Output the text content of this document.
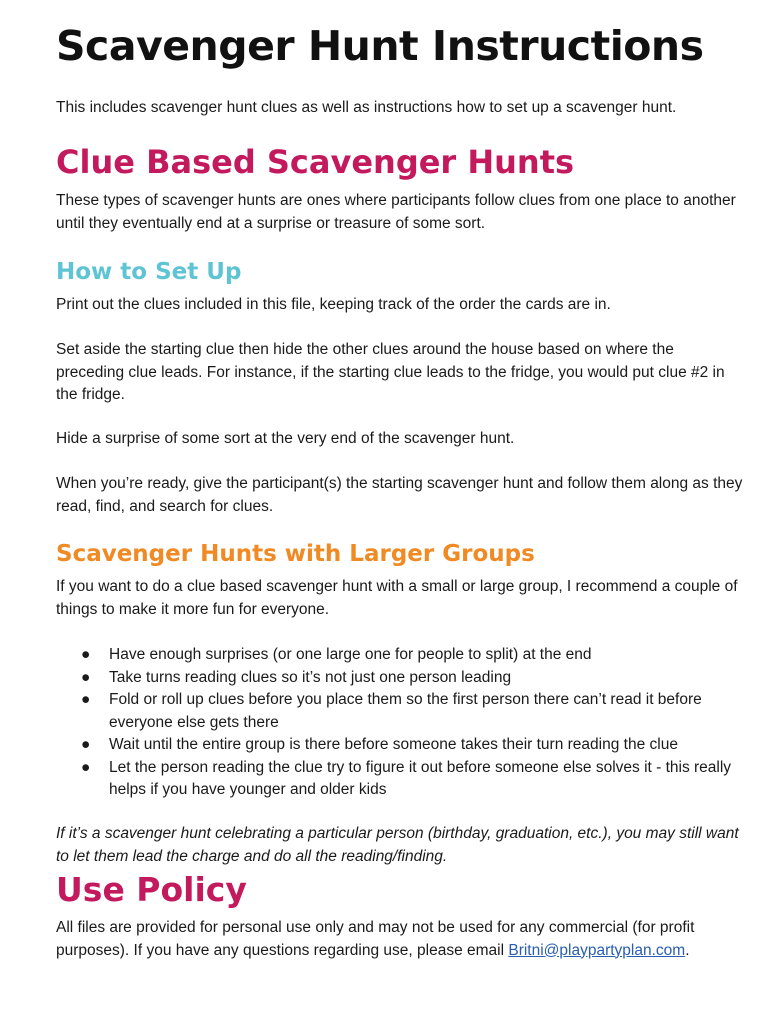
Scavenger Hunt Instructions

This includes scavenger hunt clues as well as instructions how to set up a scavenger hunt.

Clue Based Scavenger Hunts

These types of scavenger hunts are ones where participants follow clues from one place to another until they eventually end at a surprise or treasure of some sort.

How to Set Up

Print out the clues included in this file, keeping track of the order the cards are in.

Set aside the starting clue then hide the other clues around the house based on where the preceding clue leads. For instance, if the starting clue leads to the fridge, you would put clue #2 in the fridge.

Hide a surprise of some sort at the very end of the scavenger hunt.

When you’re ready, give the participant(s) the starting scavenger hunt and follow them along as they read, find, and search for clues.

Scavenger Hunts with Larger Groups

If you want to do a clue based scavenger hunt with a small or large group, I recommend a couple of things to make it more fun for everyone.

● Have enough surprises (or one large one for people to split) at the end
● Take turns reading clues so it’s not just one person leading
● Fold or roll up clues before you place them so the first person there can’t read it before everyone else gets there
● Wait until the entire group is there before someone takes their turn reading the clue
● Let the person reading the clue try to figure it out before someone else solves it - this really helps if you have younger and older kids

If it’s a scavenger hunt celebrating a particular person (birthday, graduation, etc.), you may still want to let them lead the charge and do all the reading/finding.

Use Policy

All files are provided for personal use only and may not be used for any commercial (for profit purposes). If you have any questions regarding use, please email Britni@playpartyplan.com.
